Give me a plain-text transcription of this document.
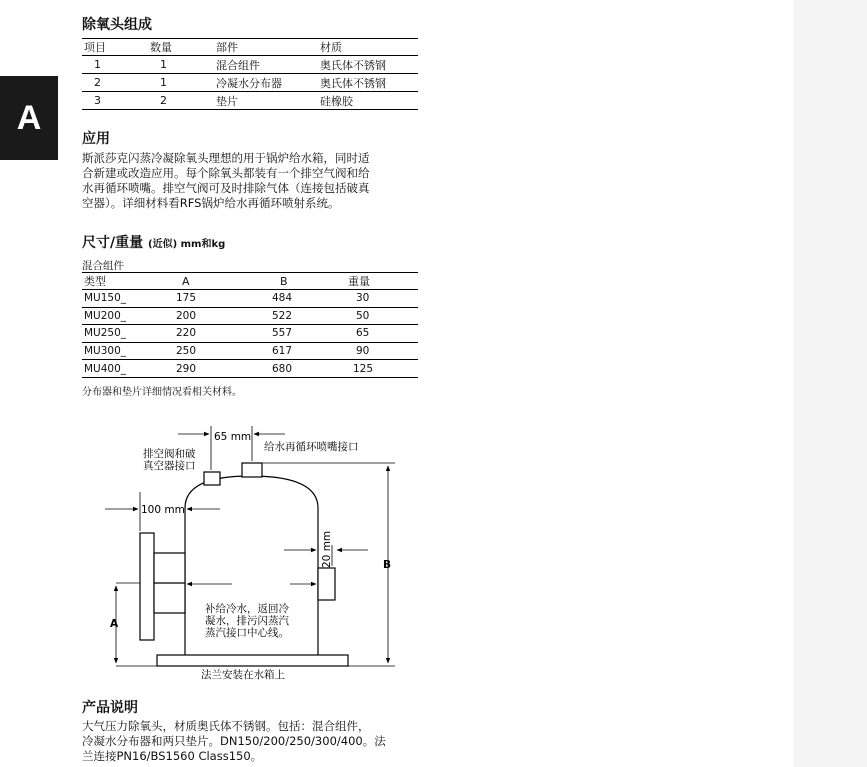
A
除氧头组成
项目	数量	部件	材质
1	1	混合组件	奥氏体不锈钢
2	1	冷凝水分布器	奥氏体不锈钢
3	2	垫片	硅橡胶
应用

斯派莎克闪蒸冷凝除氧头理想的用于锅炉给水箱，同时适
合新建或改造应用。每个除氧头都装有一个排空气阀和给
水再循环喷嘴。排空气阀可及时排除气体（连接包括破真
空器）。详细材料看RFS锅炉给水再循环喷射系统。

尺寸/重量 (近似) mm和kg
混合组件
类型	A	B	重量
MU150_	175	484	30
MU200_	200	522	50
MU250_	220	557	65
MU300_	250	617	90
MU400_	290	680	125
分布器和垫片详细情况看相关材料。
65 mm
100 mm
20 mm
排空阀和破
真空器接口
给水再循环喷嘴接口
补给冷水，返回冷
凝水，排污闪蒸汽
蒸汽接口中心线。
法兰安装在水箱上
A
B
产品说明

大气压力除氧头，材质奥氏体不锈钢。包括：混合组件，
冷凝水分布器和两只垫片。DN150/200/250/300/400。法
兰连接PN16/BS1560 Class150。
